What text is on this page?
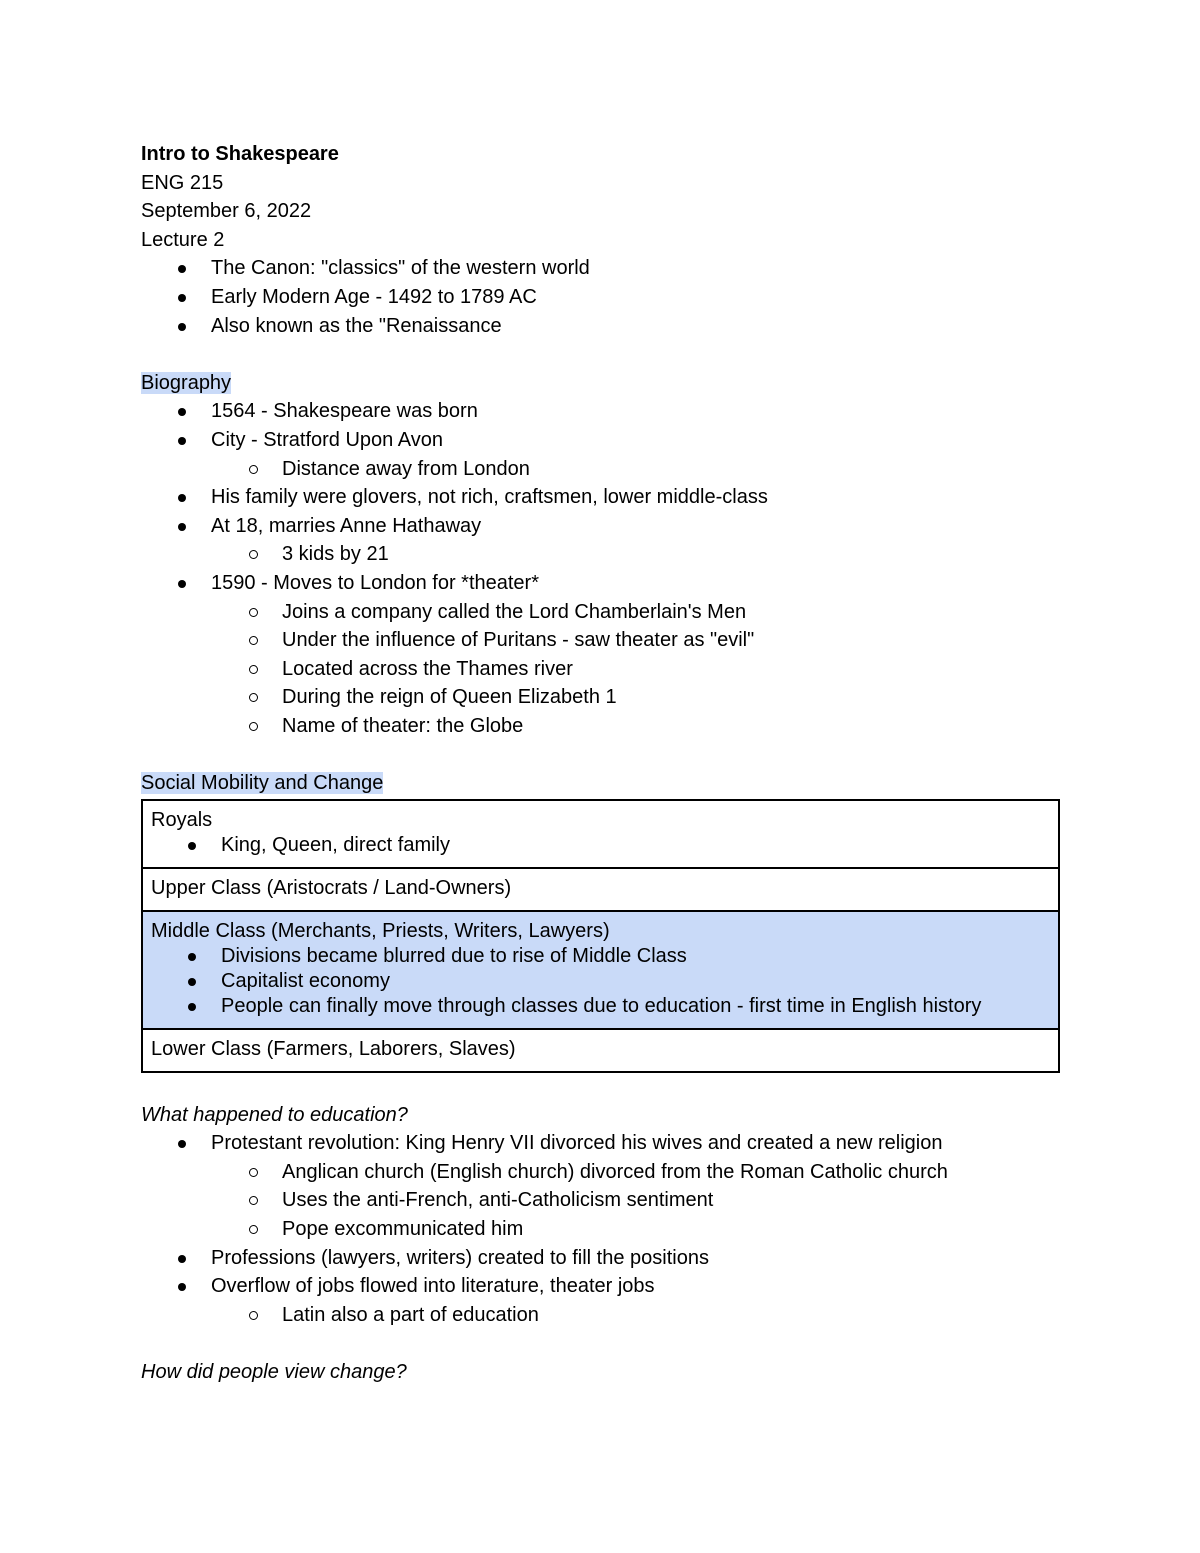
Intro to Shakespeare
ENG 215
September 6, 2022
Lecture 2
The Canon: "classics" of the western world
Early Modern Age - 1492 to 1789 AC
Also known as the "Renaissance
Biography
1564 - Shakespeare was born
City - Stratford Upon Avon
Distance away from London
His family were glovers, not rich, craftsmen, lower middle-class
At 18, marries Anne Hathaway
3 kids by 21
1590 - Moves to London for *theater*
Joins a company called the Lord Chamberlain's Men
Under the influence of Puritans - saw theater as "evil"
Located across the Thames river
During the reign of Queen Elizabeth 1
Name of theater: the Globe
Social Mobility and Change
Royals
King, Queen, direct family

Upper Class (Aristocrats / Land-Owners)

Middle Class (Merchants, Priests, Writers, Lawyers)
Divisions became blurred due to rise of Middle Class
Capitalist economy
People can finally move through classes due to education - first time in English history

Lower Class (Farmers, Laborers, Slaves)
What happened to education?
Protestant revolution: King Henry VII divorced his wives and created a new religion
Anglican church (English church) divorced from the Roman Catholic church
Uses the anti-French, anti-Catholicism sentiment
Pope excommunicated him
Professions (lawyers, writers) created to fill the positions
Overflow of jobs flowed into literature, theater jobs
Latin also a part of education
How did people view change?
